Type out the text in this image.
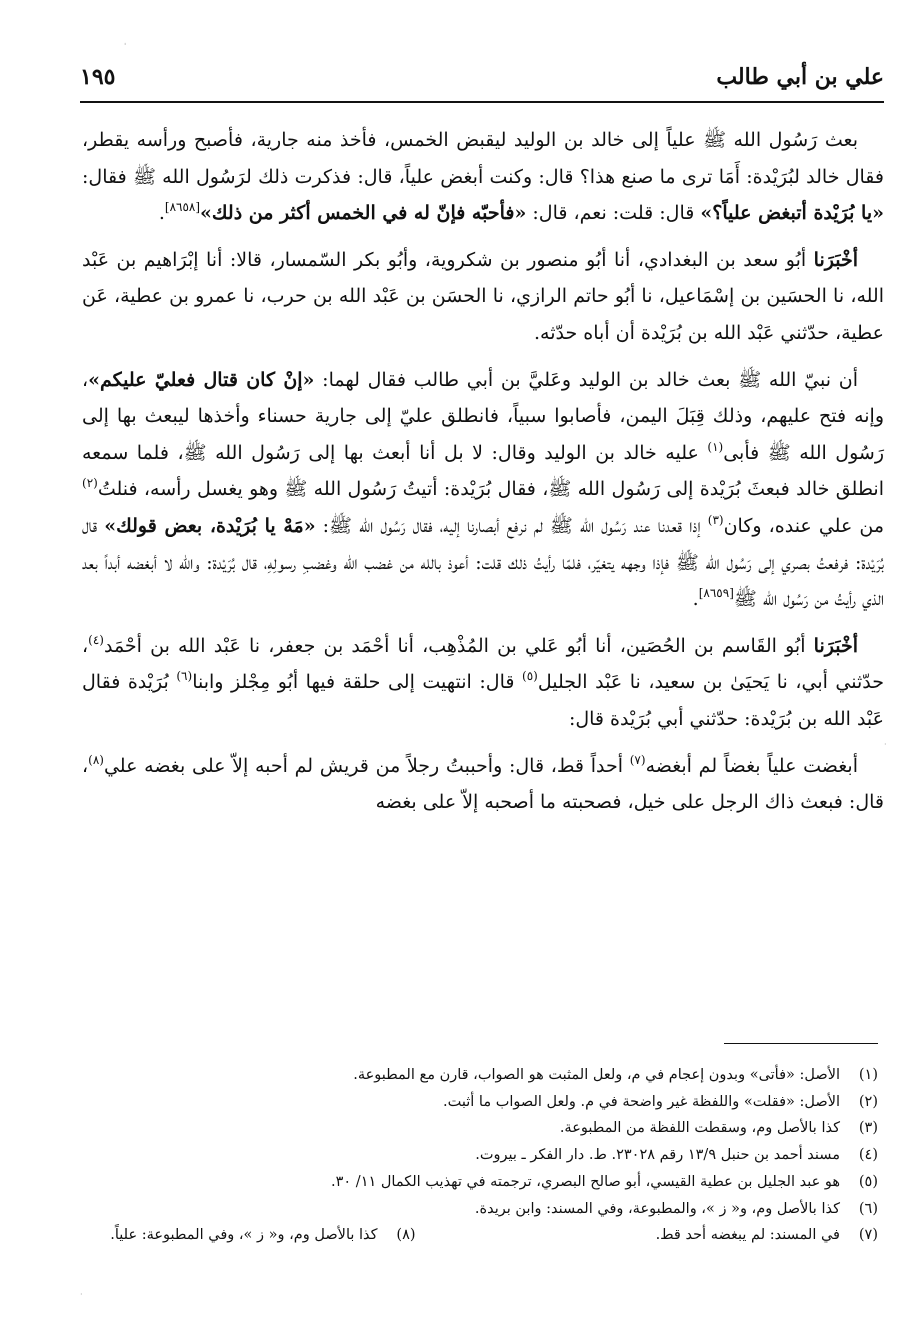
علي بن أبي طالب
١٩٥

بعث رَسُول الله ﷺ علياً إلى خالد بن الوليد ليقبض الخمس، فأخذ منه جارية، فأصبح ورأسه يقطر، فقال خالد لبُرَيْدة: أَمَا ترى ما صنع هذا؟ قال: وكنت أبغض علياً، قال: فذكرت ذلك لرَسُول الله ﷺ فقال: «يا بُرَيْدة أتبغض علياً؟» قال: قلت: نعم، قال: «فأحبّه فإنّ له في الخمس أكثر من ذلك»[٨٦٥٨].

أخْبَرَنا أبُو سعد بن البغدادي، أنا أبُو منصور بن شكروية، وأبُو بكر السّمسار، قالا: أنا إبْرَاهيم بن عَبْد الله، نا الحسَين بن إسْمَاعيل، نا أبُو حاتم الرازي، نا الحسَن بن عَبْد الله بن حرب، نا عمرو بن عطية، عَن عطية، حدّثني عَبْد الله بن بُرَيْدة أن أباه حدّثه.

أن نبيّ الله ﷺ بعث خالد بن الوليد وعَليَّ بن أبي طالب فقال لهما: «إنْ كان قتال فعليّ عليكم»، وإنه فتح عليهم، وذلك قِبَلَ اليمن، فأصابوا سبياً، فانطلق عليّ إلى جارية حسناء وأخذها ليبعث بها إلى رَسُول الله ﷺ فأبى$^{(١)}$ عليه خالد بن الوليد وقال: لا بل أنا أبعث بها إلى رَسُول الله ﷺ، فلما سمعه انطلق خالد فبعثَ بُرَيْدة إلى رَسُول الله ﷺ، فقال بُرَيْدة: أتيتُ رَسُول الله ﷺ وهو يغسل رأسه، فنلتُ$^{(٢)}$ من علي عنده، وكان$^{(٣)}$ إذا قعدنا عند رَسُول الله ﷺ لم نرفع أبصارنا إليه، فقال رَسُول الله ﷺ: «مَهْ يا بُرَيْدة، بعض قولك» قال بُرَيْدة: فرفعتُ بصري إلى رَسُول الله ﷺ فإذا وجهه يتغيّر، فلمّا رأيتُ ذلك قلت: أعوذ بالله من غضب الله وغضبِ رسولِهِ، قال بُرَيْدة: والله لا أبغضه أبداً بعد الذي رأيتُ من رَسُول الله ﷺ[٨٦٥٩].

أخْبَرَنا أبُو القَاسم بن الحُصَين، أنا أبُو عَلي بن المُذْهِب، أنا أحْمَد بن جعفر، نا عَبْد الله بن أحْمَد$^{(٤)}$، حدّثني أبي، نا يَحيَىٰ بن سعيد، نا عَبْد الجليل$^{(٥)}$ قال: انتهيت إلى حلقة فيها أبُو مِجْلز وابنا$^{(٦)}$ بُرَيْدة فقال عَبْد الله بن بُرَيْدة: حدّثني أبي بُرَيْدة قال:

أبغضت علياً بغضاً لم أبغضه$^{(٧)}$ أحداً قط، قال: وأحببتُ رجلاً من قريش لم أحبه إلاّ على بغضه علي$^{(٨)}$، قال: فبعث ذاك الرجل على خيل، فصحبته ما أصحبه إلاّ على بغضه

(١)الأصل: «فأتى» وبدون إعجام في م، ولعل المثبت هو الصواب، قارن مع المطبوعة.
(٢)الأصل: «فقلت» واللفظة غير واضحة في م. ولعل الصواب ما أثبت.
(٣)كذا بالأصل وم، وسقطت اللفظة من المطبوعة.
(٤)مسند أحمد بن حنبل ١٣/٩ رقم ٢٣٠٢٨. ط. دار الفكر ـ بيروت.
(٥)هو عبد الجليل بن عطية القيسي، أبو صالح البصري، ترجمته في تهذيب الكمال ١١/ ٣٠.
(٦)كذا بالأصل وم، و« ز »، والمطبوعة، وفي المسند: وابن بريدة.
(٧)في المسند: لم يبغضه أحد قط.(٨)كذا بالأصل وم، و« ز »، وفي المطبوعة: علياً.
ˈ
·
·
